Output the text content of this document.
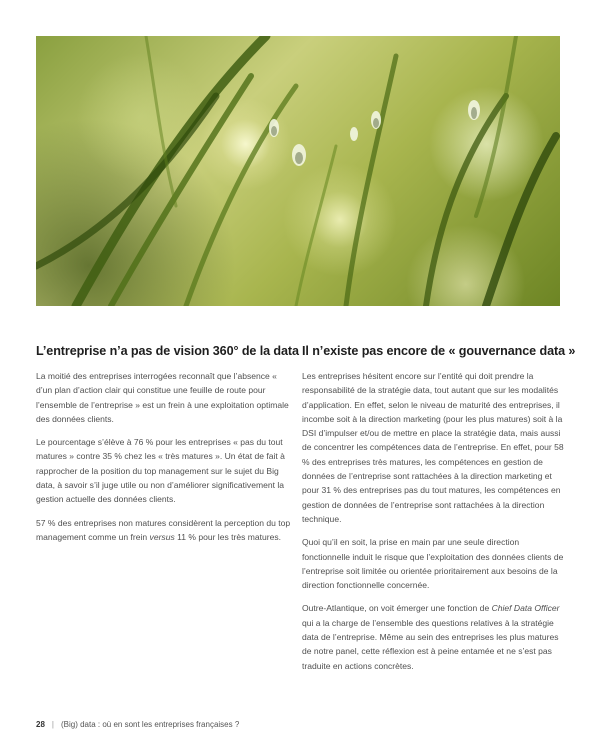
L’entreprise n’a pas de vision 360° de la data

La moitié des entreprises interrogées reconnaît que l’absence « d’un plan d’action clair qui constitue une feuille de route pour l’ensemble de l’entreprise » est un frein à une exploitation optimale des données clients.

Le pourcentage s’élève à 76 % pour les entreprises « pas du tout matures » contre 35 % chez les « très matures ». Un état de fait à rapprocher de la position du top management sur le sujet du Big data, à savoir s’il juge utile ou non d’améliorer significativement la gestion actuelle des données clients.

57 % des entreprises non matures considèrent la perception du top management comme un frein versus 11 % pour les très matures.

Il n’existe pas encore de « gouvernance data »

Les entreprises hésitent encore sur l’entité qui doit prendre la responsabilité de la stratégie data, tout autant que sur les modalités d’application. En effet, selon le niveau de maturité des entreprises, il incombe soit à la direction marketing (pour les plus matures) soit à la DSI d’impulser et/ou de mettre en place la stratégie data, mais aussi de concentrer les compétences data de l’entreprise. En effet, pour 58 % des entreprises très matures, les compétences en gestion de données de l’entreprise sont rattachées à la direction marketing et pour 31 % des entreprises pas du tout matures, les compétences en gestion de données de l’entreprise sont rattachées à la direction technique.

Quoi qu’il en soit, la prise en main par une seule direction fonctionnelle induit le risque que l’exploitation des données clients de l’entreprise soit limitée ou orientée prioritairement aux besoins de la direction fonctionnelle concernée.

Outre-Atlantique, on voit émerger une fonction de Chief Data Officer qui a la charge de l’ensemble des questions relatives à la stratégie data de l’entreprise. Même au sein des entreprises les plus matures de notre panel, cette réflexion est à peine entamée et ne s’est pas traduite en actions concrètes.

28 | (Big) data : où en sont les entreprises françaises ?
